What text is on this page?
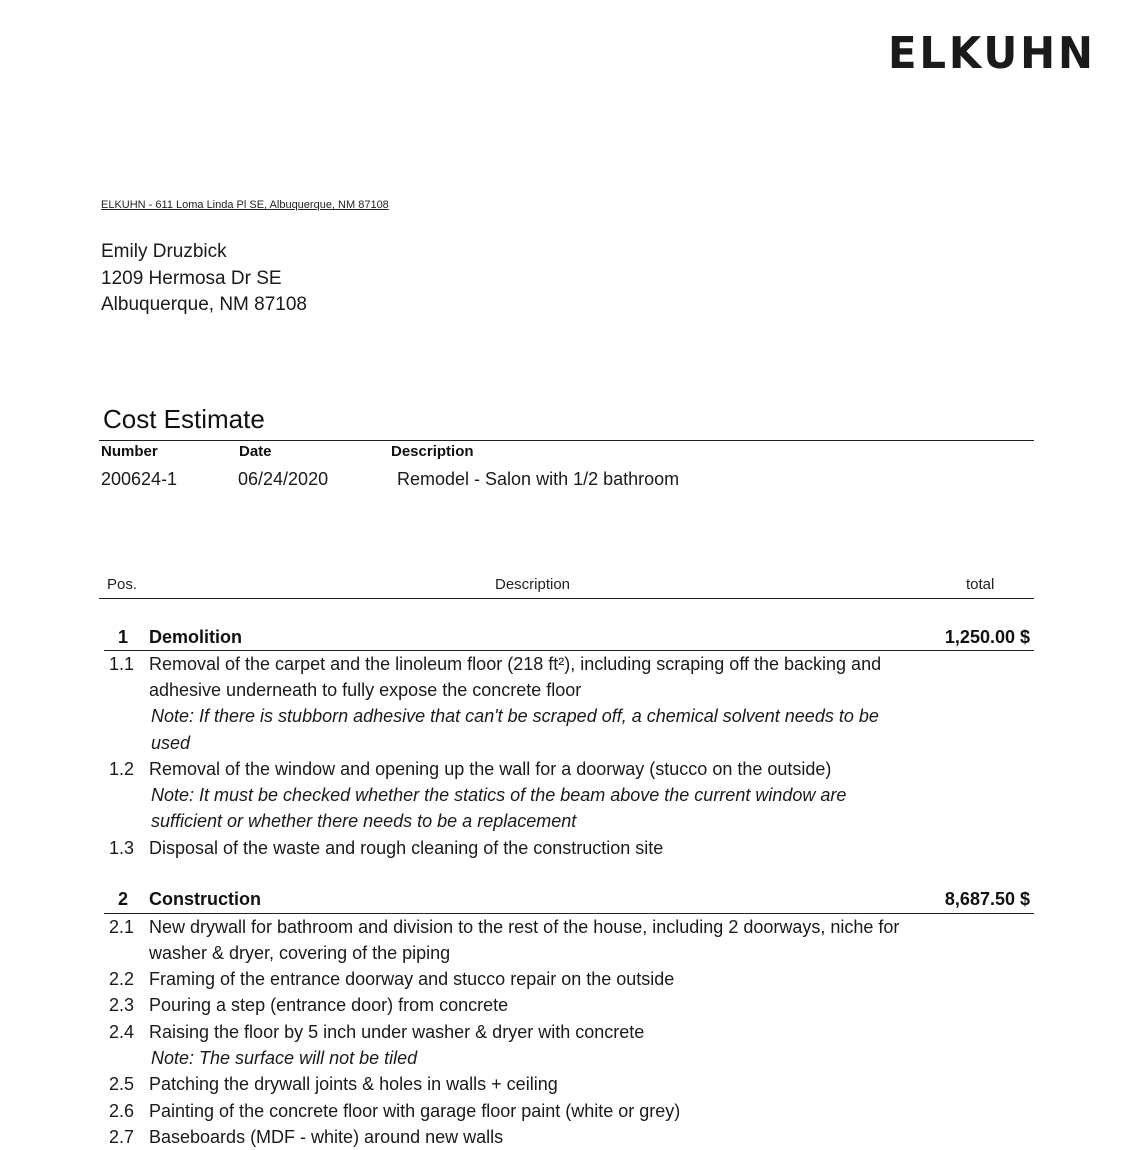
ELKUHN
ELKUHN - 611 Loma Linda Pl SE, Albuquerque, NM 87108
Emily Druzbick
1209 Hermosa Dr SE
Albuquerque, NM 87108
Cost Estimate
Number	Date	Description
200624-1	06/24/2020	Remodel - Salon with 1/2 bathroom
Pos.	Description	total
1 Demolition	1,250.00 $
1.1 Removal of the carpet and the linoleum floor (218 ft²), including scraping off the backing and adhesive underneath to fully expose the concrete floor
Note: If there is stubborn adhesive that can't be scraped off, a chemical solvent needs to be used
1.2 Removal of the window and opening up the wall for a doorway (stucco on the outside)
Note: It must be checked whether the statics of the beam above the current window are sufficient or whether there needs to be a replacement
1.3 Disposal of the waste and rough cleaning of the construction site
2 Construction	8,687.50 $
2.1 New drywall for bathroom and division to the rest of the house, including 2 doorways, niche for washer & dryer, covering of the piping
2.2 Framing of the entrance doorway and stucco repair on the outside
2.3 Pouring a step (entrance door) from concrete
2.4 Raising the floor by 5 inch under washer & dryer with concrete
Note: The surface will not be tiled
2.5 Patching the drywall joints & holes in walls + ceiling
2.6 Painting of the concrete floor with garage floor paint (white or grey)
2.7 Baseboards (MDF - white) around new walls
